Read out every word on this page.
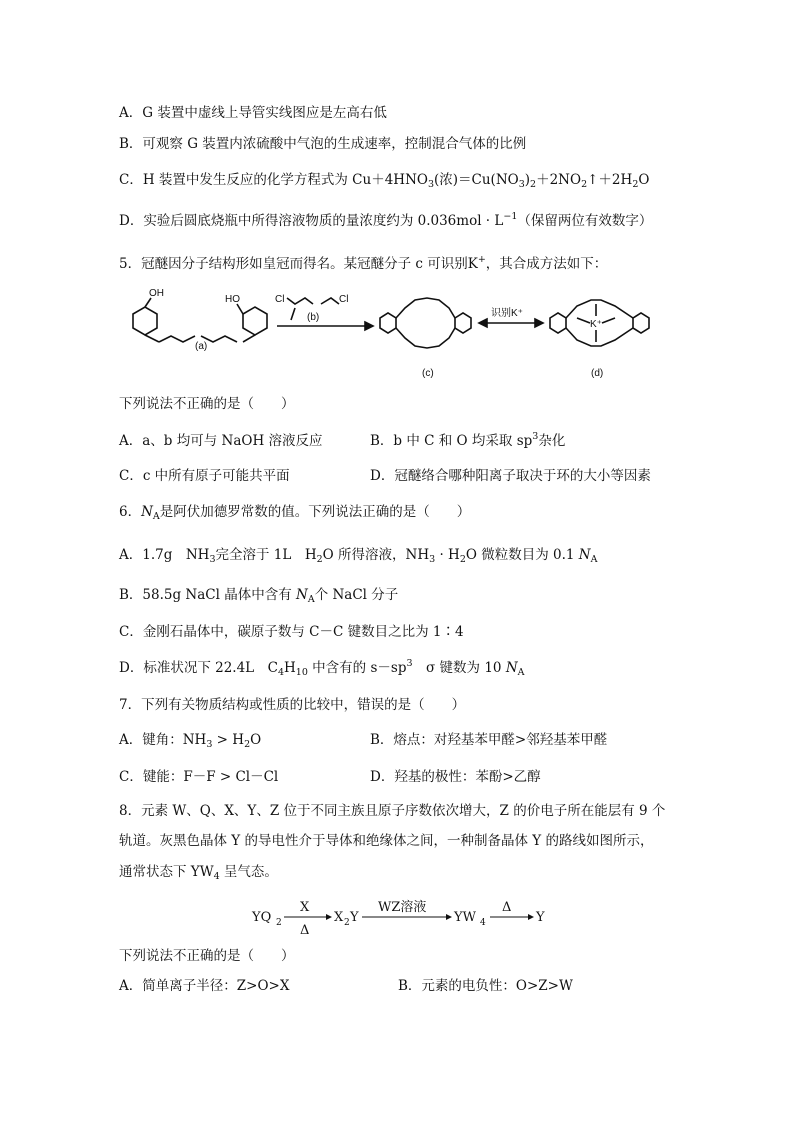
A．G 装置中虚线上导管实线图应是左高右低
B．可观察 G 装置内浓硫酸中气泡的生成速率，控制混合气体的比例
C．H 装置中发生反应的化学方程式为 $Cu+4HNO_3$(浓)$=Cu(NO_3)_2+2NO_2↑+2H_2O$
D．实验后圆底烧瓶中所得溶液物质的量浓度约为 $0.036mol \cdot L^{-1}$（保留两位有效数字）
5．冠醚因分子结构形如皇冠而得名。某冠醚分子 c 可识别K+，其合成方法如下：
OH
HO
(a)
Cl	Cl
(b)
(c)
识别K⁺
K⁺
(d)
下列说法不正确的是（　　）
A．a、b 均可与 NaOH 溶液反应	B．b 中 C 和 O 均采取 $sp^3$杂化
C．c 中所有原子可能共平面	D．冠醚络合哪种阳离子取决于环的大小等因素
6．$N_A$是阿伏加德罗常数的值。下列说法正确的是（　　）
A．1.7g　$NH_3$完全溶于 1L　$H_2O$ 所得溶液，$NH_3 \cdot H_2O$ 微粒数目为 0.1 $N_A$
B．58.5g NaCl 晶体中含有 $N_A$个 NaCl 分子
C．金刚石晶体中，碳原子数与 C－C 键数目之比为 1∶4
D．标准状况下 22.4L　$C_4H_{10}$ 中含有的 $s-sp^3$　σ 键数为 10 $N_A$
7．下列有关物质结构或性质的比较中，错误的是（　　）
A．键角：$NH_3 > H_2O$	B．熔点：对羟基苯甲醛>邻羟基苯甲醛
C．键能：F－F > Cl－Cl	D．羟基的极性：苯酚>乙醇
8．元素 W、Q、X、Y、Z 位于不同主族且原子序数依次增大，Z 的价电子所在能层有 9 个
轨道。灰黑色晶体 Y 的导电性介于导体和绝缘体之间，一种制备晶体 Y 的路线如图所示，
通常状态下 $YW_4$ 呈气态。
YQ 2
X
Δ
X 2 Y
WZ溶液
YW 4
Δ
Y
下列说法不正确的是（　　）
A．简单离子半径：Z>O>X	B．元素的电负性：O>Z>W
